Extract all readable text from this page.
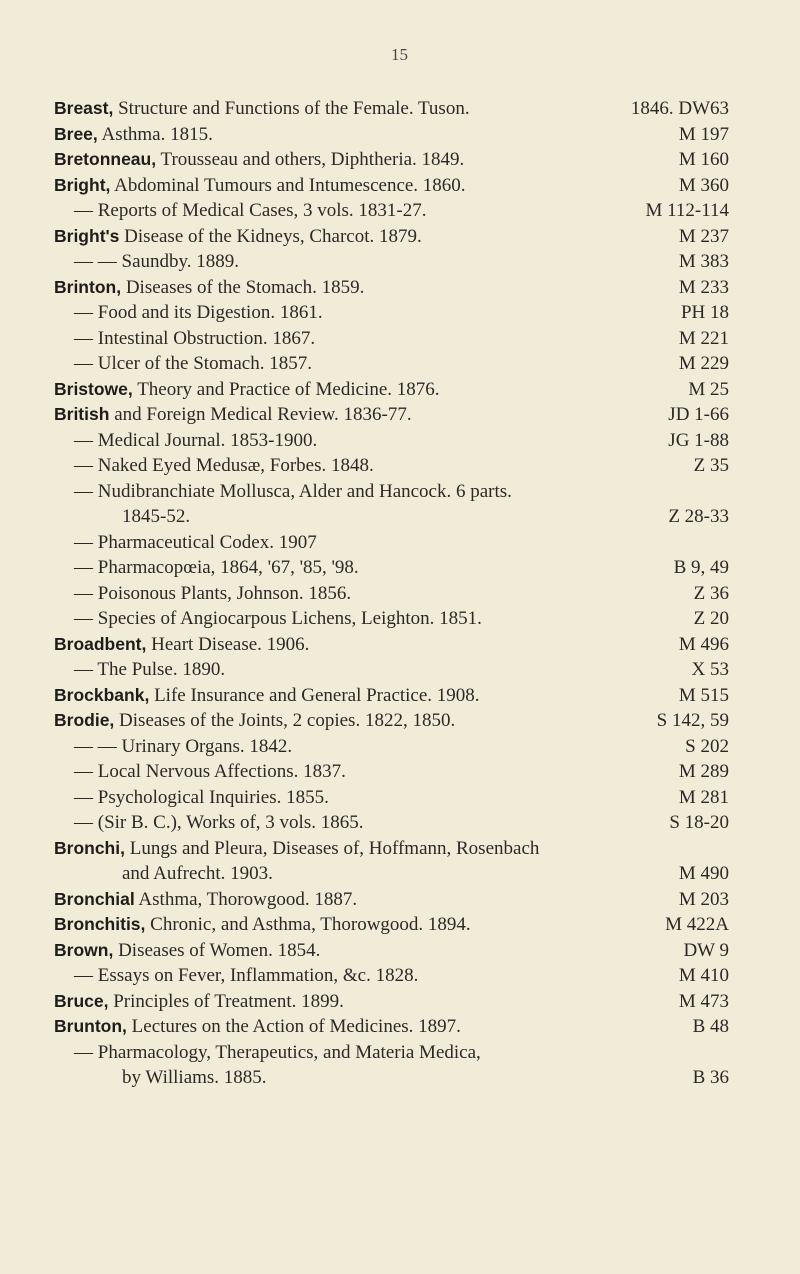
15
Breast, Structure and Functions of the Female. Tuson.	1846. DW63
Bree, Asthma. 1815.	M 197
Bretonneau, Trousseau and others, Diphtheria. 1849.	M 160
Bright, Abdominal Tumours and Intumescence. 1860.	M 360
— Reports of Medical Cases, 3 vols. 1831-27.	M 112-114
Bright's Disease of the Kidneys, Charcot. 1879.	M 237
— — Saundby. 1889.	M 383
Brinton, Diseases of the Stomach. 1859.	M 233
— Food and its Digestion. 1861.	PH 18
— Intestinal Obstruction. 1867.	M 221
— Ulcer of the Stomach. 1857.	M 229
Bristowe, Theory and Practice of Medicine. 1876.	M 25
British and Foreign Medical Review. 1836-77.	JD 1-66
— Medical Journal. 1853-1900.	JG 1-88
— Naked Eyed Medusæ, Forbes. 1848.	Z 35
— Nudibranchiate Mollusca, Alder and Hancock. 6 parts.
1845-52.	Z 28-33
— Pharmaceutical Codex. 1907
— Pharmacopœia, 1864, '67, '85, '98.	B 9, 49
— Poisonous Plants, Johnson. 1856.	Z 36
— Species of Angiocarpous Lichens, Leighton. 1851.	Z 20
Broadbent, Heart Disease. 1906.	M 496
— The Pulse. 1890.	X 53
Brockbank, Life Insurance and General Practice. 1908.	M 515
Brodie, Diseases of the Joints, 2 copies. 1822, 1850.	S 142, 59
— — Urinary Organs. 1842.	S 202
— Local Nervous Affections. 1837.	M 289
— Psychological Inquiries. 1855.	M 281
— (Sir B. C.), Works of, 3 vols. 1865.	S 18-20
Bronchi, Lungs and Pleura, Diseases of, Hoffmann, Rosenbach
and Aufrecht. 1903.	M 490
Bronchial Asthma, Thorowgood. 1887.	M 203
Bronchitis, Chronic, and Asthma, Thorowgood. 1894.	M 422A
Brown, Diseases of Women. 1854.	DW 9
— Essays on Fever, Inflammation, &c. 1828.	M 410
Bruce, Principles of Treatment. 1899.	M 473
Brunton, Lectures on the Action of Medicines. 1897.	B 48
— Pharmacology, Therapeutics, and Materia Medica,
by Williams. 1885.	B 36
